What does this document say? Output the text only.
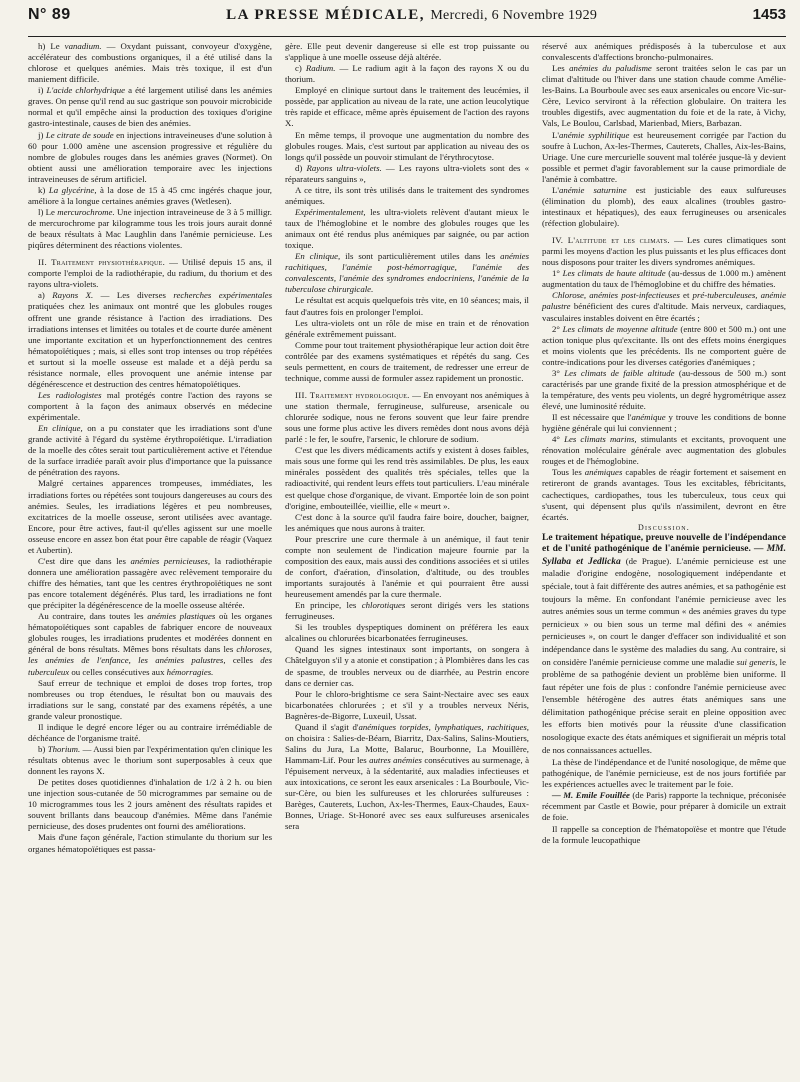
N° 89	LA PRESSE MÉDICALE, Mercredi, 6 Novembre 1929	1453

h) Le vanadium. — Oxydant puissant, convoyeur d'oxygène, accélérateur des combustions organiques, il a été utilisé dans la chlorose et quelques anémies. Mais très toxique, il est d'un maniement difficile.

i) L'acide chlorhydrique a été largement utilisé dans les anémies graves. On pense qu'il rend au suc gastrique son pouvoir microbicide normal et qu'il empêche ainsi la production des toxiques d'origine gastro-intestinale, causes de bien des anémies.

j) Le citrate de soude en injections intraveineuses d'une solution à 60 pour 1.000 amène une ascension progressive et régulière du nombre de globules rouges dans les anémies graves (Normet). On obtient aussi une amélioration temporaire avec les injections intraveineuses de sérum artificiel.

k) La glycérine, à la dose de 15 à 45 cmc ingérés chaque jour, améliore à la longue certaines anémies graves (Wetlesen).

l) Le mercurochrome. Une injection intraveineuse de 3 à 5 milligr. de mercurochrome par kilogramme tous les trois jours aurait donné de beaux résultats à Mac Laughlin dans l'anémie pernicieuse. Les piqûres déterminent des réactions violentes.

II. Traitement physiothérapique. — Utilisé depuis 15 ans, il comporte l'emploi de la radiothérapie, du radium, du thorium et des rayons ultra-violets.

a) Rayons X. — Les diverses recherches expérimentales pratiquées chez les animaux ont montré que les globules rouges offrent une grande résistance à l'action des irradiations. Des irradiations intenses et limitées ou totales et de courte durée amènent une importante excitation et un hyperfonctionnement des centres hématopoïétiques ; mais, si elles sont trop intenses ou trop répétées et surtout si la moelle osseuse est malade et a déjà perdu sa résistance normale, elles provoquent une anémie intense par dégénérescence et destruction des centres hématopoïétiques.

Les radiologistes mal protégés contre l'action des rayons se comportent à la façon des animaux observés en médecine expérimentale.

En clinique, on a pu constater que les irradiations sont d'une grande activité à l'égard du système érythropoïétique. L'irradiation de la moelle des côtes serait tout particulièrement active et l'étendue de la surface irradiée paraît avoir plus d'importance que la puissance de pénétration des rayons.

Malgré certaines apparences trompeuses, immédiates, les irradiations fortes ou répétées sont toujours dangereuses au cours des anémies. Seules, les irradiations légères et peu nombreuses, excitatrices de la moelle osseuse, seront utilisées avec avantage. Encore, pour être actives, faut-il qu'elles agissent sur une moelle osseuse encore en assez bon état pour être capable de réagir (Vaquez et Aubertin).

C'est dire que dans les anémies pernicieuses, la radiothérapie donnera une amélioration passagère avec relèvement temporaire du chiffre des hématies, tant que les centres érythropoïétiques ne sont pas encore totalement dégénérés. Plus tard, les irradiations ne font que précipiter la dégénérescence de la moelle osseuse altérée.

Au contraire, dans toutes les anémies plastiques où les organes hématopoïétiques sont capables de fabriquer encore de nouveaux globules rouges, les irradiations prudentes et modérées donnent en général de bons résultats. Mêmes bons résultats dans les chloroses, les anémies de l'enfance, les anémies palustres, celles des tuberculeux ou celles consécutives aux hémorragies.

Sauf erreur de technique et emploi de doses trop fortes, trop nombreuses ou trop étendues, le résultat bon ou mauvais des irradiations sur le sang, constaté par des examens répétés, a une grande valeur pronostique.

Il indique le degré encore léger ou au contraire irrémédiable de déchéance de l'organisme traité.

b) Thorium. — Aussi bien par l'expérimentation qu'en clinique les résultats obtenus avec le thorium sont superposables à ceux que donnent les rayons X.

De petites doses quotidiennes d'inhalation de 1/2 à 2 h. ou bien une injection sous-cutanée de 50 microgrammes par semaine ou de 10 microgrammes tous les 2 jours amènent des résultats rapides et souvent brillants dans beaucoup d'anémies. Même dans l'anémie pernicieuse, des doses prudentes ont fourni des améliorations.

Mais d'une façon générale, l'action stimulante du thorium sur les organes hématopoïétiques est passa-

gère. Elle peut devenir dangereuse si elle est trop puissante ou s'applique à une moelle osseuse déjà altérée.

c) Radium. — Le radium agit à la façon des rayons X ou du thorium.

Employé en clinique surtout dans le traitement des leucémies, il possède, par application au niveau de la rate, une action leucolytique très rapide et efficace, même après épuisement de l'action des rayons X.

En même temps, il provoque une augmentation du nombre des globules rouges. Mais, c'est surtout par application au niveau des os longs qu'il possède un pouvoir stimulant de l'érythrocytose.

d) Rayons ultra-violets. — Les rayons ultra-violets sont des « réparateurs sanguins »,

A ce titre, ils sont très utilisés dans le traitement des syndromes anémiques.

Expérimentalement, les ultra-violets relèvent d'autant mieux le taux de l'hémoglobine et le nombre des globules rouges que les animaux ont été rendus plus anémiques par saignée, ou par action toxique.

En clinique, ils sont particulièrement utiles dans les anémies rachitiques, l'anémie post-hémorragique, l'anémie des convalescents, l'anémie des syndromes endocriniens, l'anémie de la tuberculose chirurgicale.

Le résultat est acquis quelquefois très vite, en 10 séances; mais, il faut d'autres fois en prolonger l'emploi.

Les ultra-violets ont un rôle de mise en train et de rénovation générale extrêmement puissant.

Comme pour tout traitement physiothérapique leur action doit être contrôlée par des examens systématiques et répétés du sang. Ces seuls permettent, en cours de traitement, de redresser une erreur de technique, comme aussi de formuler assez rapidement un pronostic.

III. Traitement hydrologique. — En envoyant nos anémiques à une station thermale, ferrugineuse, sulfureuse, arsenicale ou chlorurée sodique, nous ne ferons souvent que leur faire prendre sous une forme plus active les divers remèdes dont nous avons déjà parlé : le fer, le soufre, l'arsenic, le chlorure de sodium.

C'est que les divers médicaments actifs y existent à doses faibles, mais sous une forme qui les rend très assimilables. De plus, les eaux minérales possèdent des qualités très spéciales, telles que la radioactivité, qui rendent leurs effets tout particuliers. L'eau minérale est quelque chose d'organique, de vivant. Emportée loin de son point d'origine, embouteillée, vieillie, elle « meurt ».

C'est donc à la source qu'il faudra faire boire, doucher, baigner, les anémiques que nous aurons à traiter.

Pour prescrire une cure thermale à un anémique, il faut tenir compte non seulement de l'indication majeure fournie par la composition des eaux, mais aussi des conditions associées et si utiles de confort, d'aération, d'insolation, d'altitude, ou des troubles importants surajoutés à l'anémie et qui pourraient être aussi heureusement amendés par la cure thermale.

En principe, les chlorotiques seront dirigés vers les stations ferrugineuses.

Si les troubles dyspeptiques dominent on préférera les eaux alcalines ou chlorurées bicarbonatées ferrugineuses.

Quand les signes intestinaux sont importants, on songera à Châtelguyon s'il y a atonie et constipation ; à Plombières dans les cas de spasme, de troubles nerveux ou de diarrhée, au Pestrin encore dans ce dernier cas.

Pour le chloro-brightisme ce sera Saint-Nectaire avec ses eaux bicarbonatées chlorurées ; et s'il y a troubles nerveux Néris, Bagnères-de-Bigorre, Luxeuil, Ussat.

Quand il s'agit d'anémiques torpides, lymphatiques, rachitiques, on choisira : Salies-de-Béarn, Biarritz, Dax-Salins, Salins-Moutiers, Salins du Jura, La Motte, Balaruc, Bourbonne, La Mouillère, Hammam-Lif. Pour les autres anémies consécutives au surmenage, à l'épuisement nerveux, à la sédentarité, aux maladies infectieuses et aux intoxications, ce seront les eaux arsenicales : La Bourboule, Vic-sur-Cère, ou bien les sulfureuses et les chlorurées sulfureuses : Barèges, Cauterets, Luchon, Ax-les-Thermes, Eaux-Chaudes, Eaux-Bonnes, Uriage. St-Honoré avec ses eaux sulfureuses arsenicales sera

réservé aux anémiques prédisposés à la tuberculose et aux convalescents d'affections broncho-pulmonaires.

Les anémies du paludisme seront traitées selon le cas par un climat d'altitude ou l'hiver dans une station chaude comme Amélie-les-Bains. La Bourboule avec ses eaux arsenicales ou encore Vic-sur-Cère, Levico serviront à la réfection globulaire. On traitera les troubles digestifs, avec augmentation du foie et de la rate, à Vichy, Vals, Le Boulou, Carlsbad, Marienbad, Miers, Barbazan.

L'anémie syphilitique est heureusement corrigée par l'action du soufre à Luchon, Ax-les-Thermes, Cauterets, Challes, Aix-les-Bains, Uriage. Une cure mercurielle souvent mal tolérée jusque-là y devient possible et permet d'agir favorablement sur la cause primordiale de l'anémie à combattre.

L'anémie saturnine est justiciable des eaux sulfureuses (élimination du plomb), des eaux alcalines (troubles gastro-intestinaux et hépatiques), des eaux ferrugineuses ou arsenicales (réfection globulaire).

IV. L'altitude et les climats. — Les cures climatiques sont parmi les moyens d'action les plus puissants et les plus efficaces dont nous disposons pour traiter les divers syndromes anémiques.

1° Les climats de haute altitude (au-dessus de 1.000 m.) amènent augmentation du taux de l'hémoglobine et du chiffre des hématies.

Chlorose, anémies post-infectieuses et pré-tuberculeuses, anémie palustre bénéficient des cures d'altitude. Mais nerveux, cardiaques, vasculaires instables doivent en être écartés ;

2° Les climats de moyenne altitude (entre 800 et 500 m.) ont une action tonique plus qu'excitante. Ils ont des effets moins énergiques et moins violents que les précédents. Ils ne comportent guère de contre-indications pour les diverses catégories d'anémiques ;

3° Les climats de faible altitude (au-dessous de 500 m.) sont caractérisés par une grande fixité de la pression atmosphérique et de la température, des vents peu violents, un degré hygrométrique assez élevé, une luminosité réduite.

Il est nécessaire que l'anémique y trouve les conditions de bonne hygiène générale qui lui conviennent ;

4° Les climats marins, stimulants et excitants, provoquent une rénovation moléculaire générale avec augmentation des globules rouges et de l'hémoglobine.

Tous les anémiques capables de réagir fortement et saisement en retireront de grands avantages. Tous les excitables, fébricitants, cachectiques, cardiopathes, tous les tuberculeux, tous ceux qui s'usent, qui dépensent plus qu'ils n'assimilent, devront en être écartés.

Discussion.

Le traitement hépatique, preuve nouvelle de l'indépendance et de l'unité pathogénique de l'anémie pernicieuse. — MM. Syllaba et Jedlicka (de Prague). L'anémie pernicieuse est une maladie d'origine endogène, nosologiquement indépendante et spéciale, tout à fait différente des autres anémies, et sa pathogénie est toujours la même. En confondant l'anémie pernicieuse avec les autres anémies sous un terme commun « des anémies graves du type pernicieux » ou bien sous un terme mal défini des « anémies pernicieuses », on court le danger d'effacer son individualité et son indépendance dans le système des maladies du sang. Au contraire, si on considère l'anémie pernicieuse comme une maladie sui generis, le problème de sa pathogénie devient un problème bien uniforme. Il faut répéter une fois de plus : confondre l'anémie pernicieuse avec l'ensemble hétérogène des autres états anémiques sans une délimitation pathogénique précise serait en pleine opposition avec les efforts bien motivés pour la réussite d'une classification nosologique exacte des états anémiques et signifierait un mépris total de nos connaissances actuelles.

La thèse de l'indépendance et de l'unité nosologique, de même que pathogénique, de l'anémie pernicieuse, est de nos jours fortifiée par les expériences actuelles avec le traitement par le foie.

— M. Emile Fouillée (de Paris) rapporte la technique, préconisée récemment par Castle et Bowie, pour préparer à domicile un extrait de foie.

Il rappelle sa conception de l'hématopoïèse et montre que l'étude de la formule leucopathique
